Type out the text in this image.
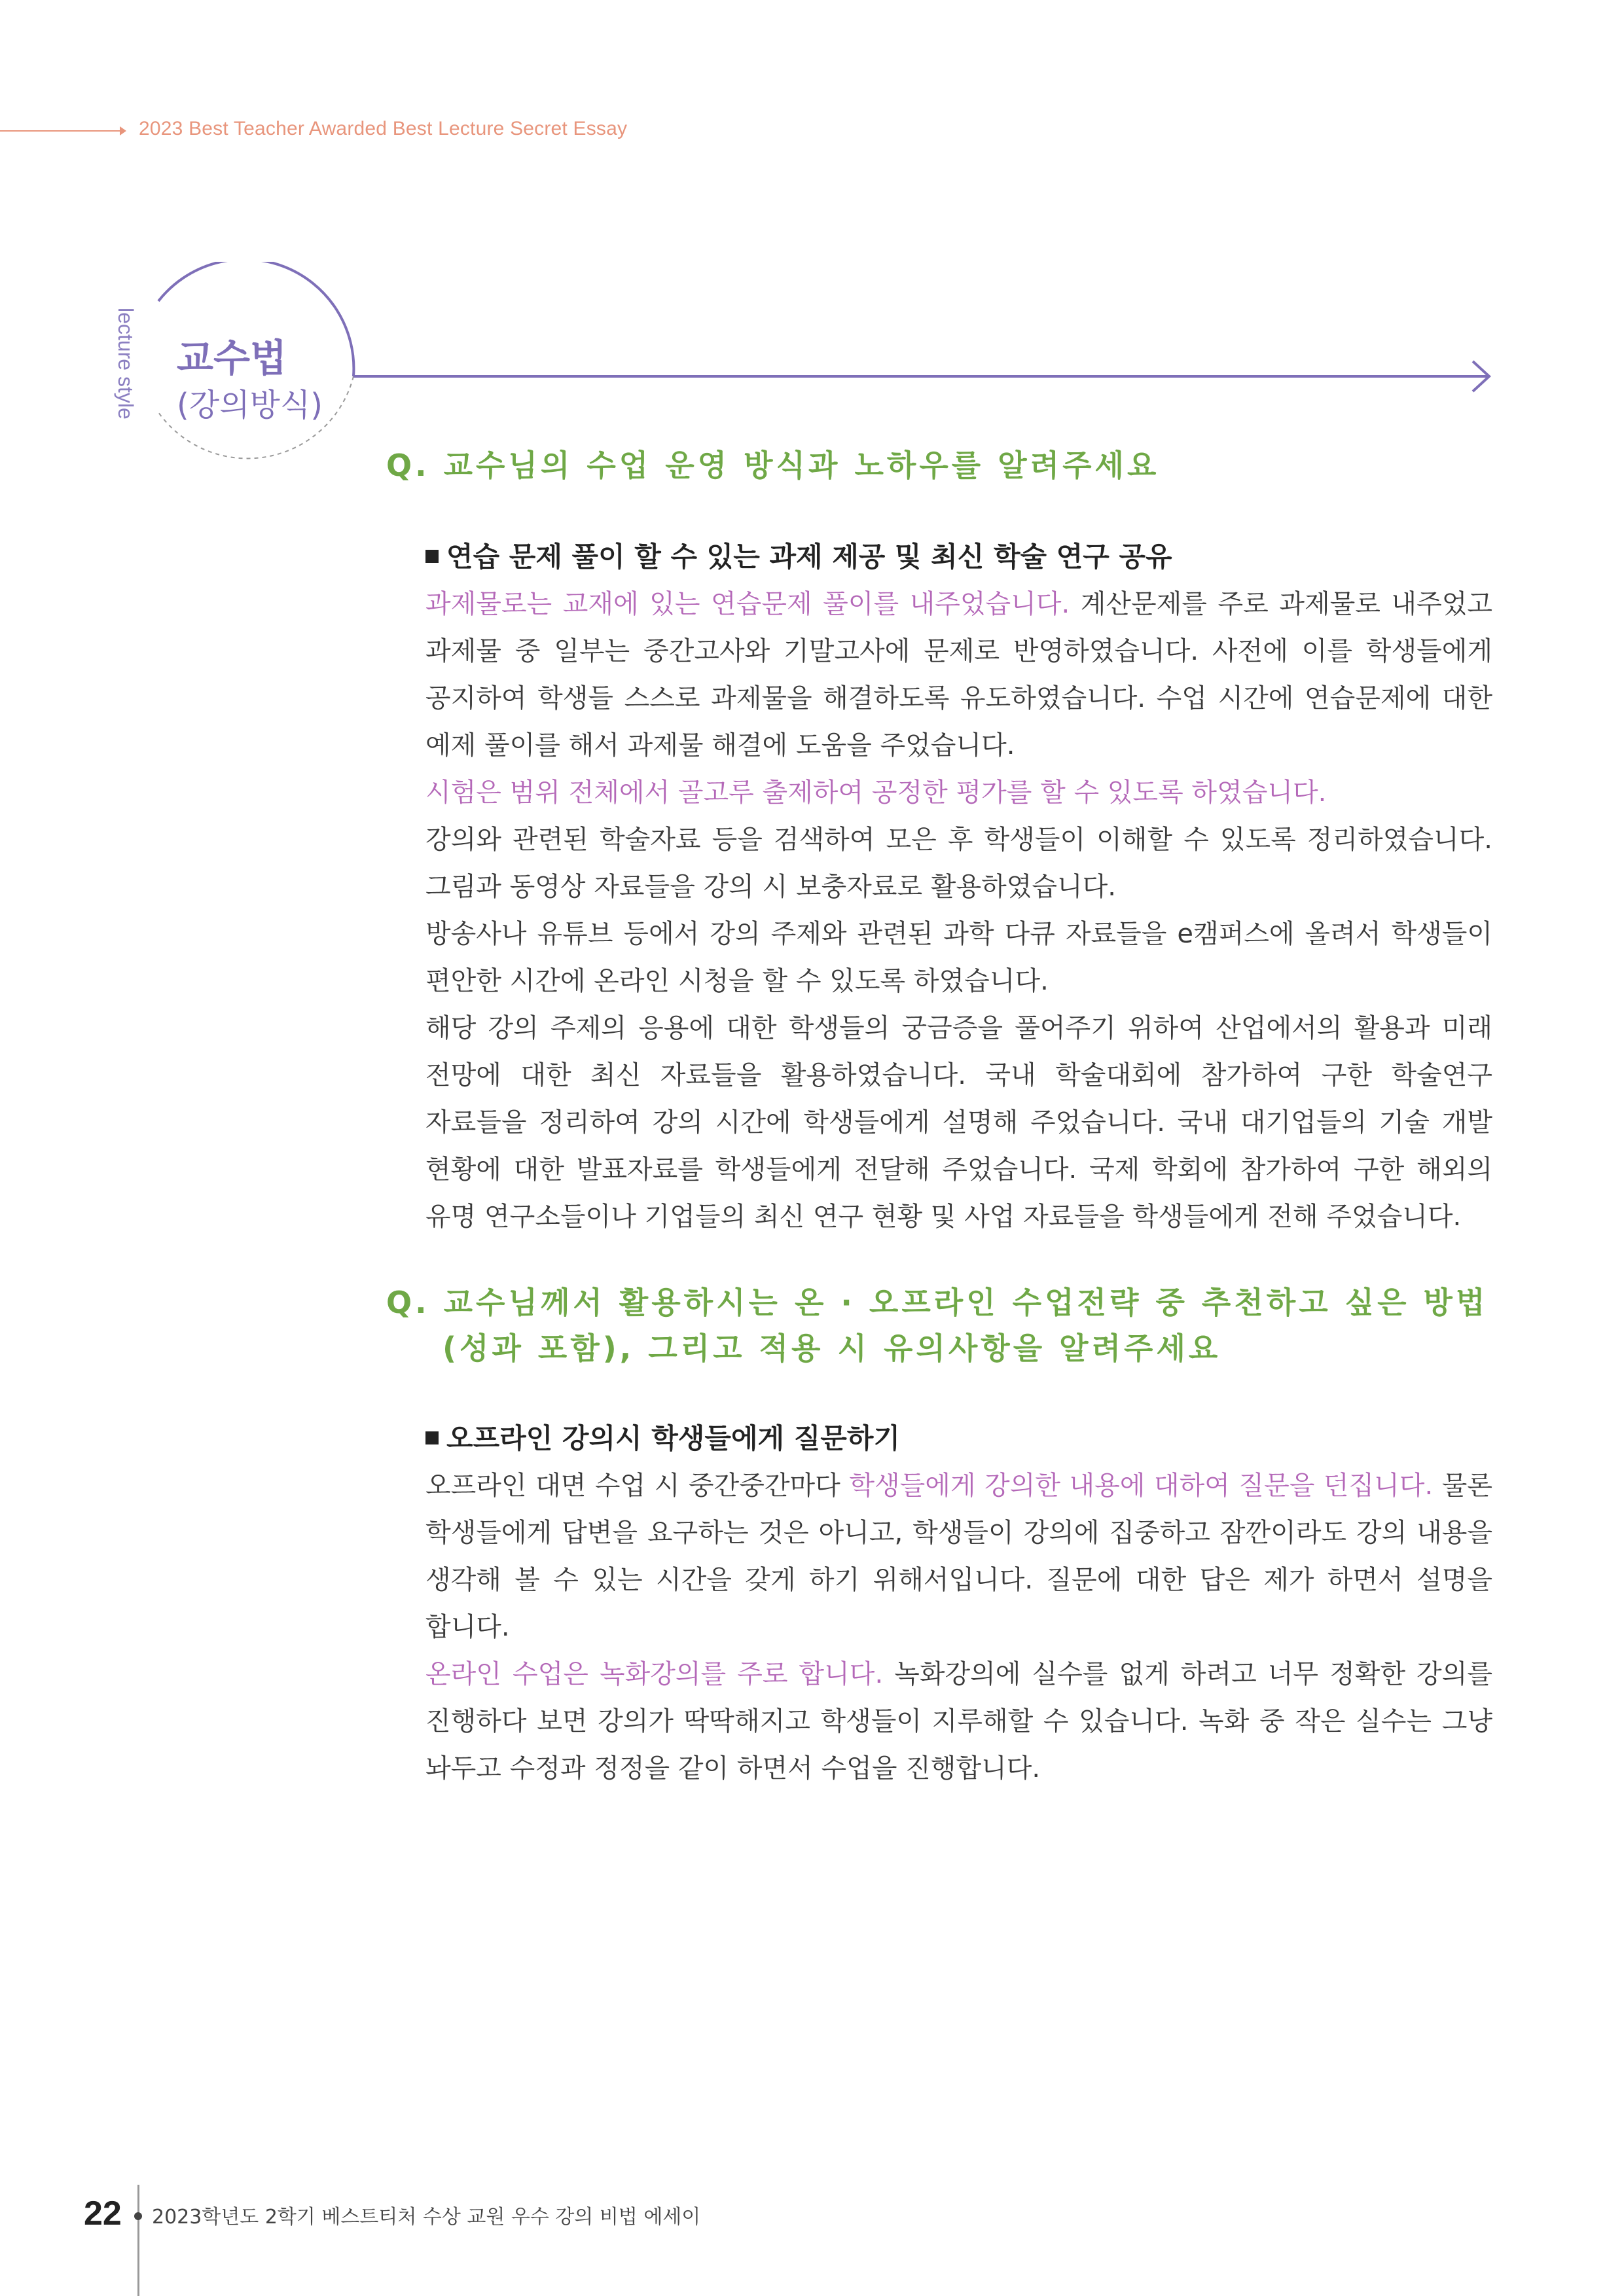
2023 Best Teacher Awarded Best Lecture Secret Essay
lecture style 교수법
(강의방식)
Q. 교수님의 수업 운영 방식과 노하우를 알려주세요
연습 문제 풀이 할 수 있는 과제 제공 및 최신 학술 연구 공유

과제물로는 교재에 있는 연습문제 풀이를 내주었습니다. 계산문제를 주로 과제물로 내주었고 과제물 중 일부는 중간고사와 기말고사에 문제로 반영하였습니다. 사전에 이를 학생들에게 공지하여 학생들 스스로 과제물을 해결하도록 유도하였습니다. 수업 시간에 연습문제에 대한 예제 풀이를 해서 과제물 해결에 도움을 주었습니다.

시험은 범위 전체에서 골고루 출제하여 공정한 평가를 할 수 있도록 하였습니다.

강의와 관련된 학술자료 등을 검색하여 모은 후 학생들이 이해할 수 있도록 정리하였습니다. 그림과 동영상 자료들을 강의 시 보충자료로 활용하였습니다.

방송사나 유튜브 등에서 강의 주제와 관련된 과학 다큐 자료들을 e캠퍼스에 올려서 학생들이 편안한 시간에 온라인 시청을 할 수 있도록 하였습니다.

해당 강의 주제의 응용에 대한 학생들의 궁금증을 풀어주기 위하여 산업에서의 활용과 미래 전망에 대한 최신 자료들을 활용하였습니다. 국내 학술대회에 참가하여 구한 학술연구 자료들을 정리하여 강의 시간에 학생들에게 설명해 주었습니다. 국내 대기업들의 기술 개발 현황에 대한 발표자료를 학생들에게 전달해 주었습니다. 국제 학회에 참가하여 구한 해외의 유명 연구소들이나 기업들의 최신 연구 현황 및 사업 자료들을 학생들에게 전해 주었습니다.

Q. 교수님께서 활용하시는 온 · 오프라인 수업전략 중 추천하고 싶은 방법
(성과 포함), 그리고 적용 시 유의사항을 알려주세요
오프라인 강의시 학생들에게 질문하기

오프라인 대면 수업 시 중간중간마다 학생들에게 강의한 내용에 대하여 질문을 던집니다. 물론 학생들에게 답변을 요구하는 것은 아니고, 학생들이 강의에 집중하고 잠깐이라도 강의 내용을 생각해 볼 수 있는 시간을 갖게 하기 위해서입니다. 질문에 대한 답은 제가 하면서 설명을 합니다.

온라인 수업은 녹화강의를 주로 합니다. 녹화강의에 실수를 없게 하려고 너무 정확한 강의를 진행하다 보면 강의가 딱딱해지고 학생들이 지루해할 수 있습니다. 녹화 중 작은 실수는 그냥 놔두고 수정과 정정을 같이 하면서 수업을 진행합니다.

22 2023학년도 2학기 베스트티처 수상 교원 우수 강의 비법 에세이
